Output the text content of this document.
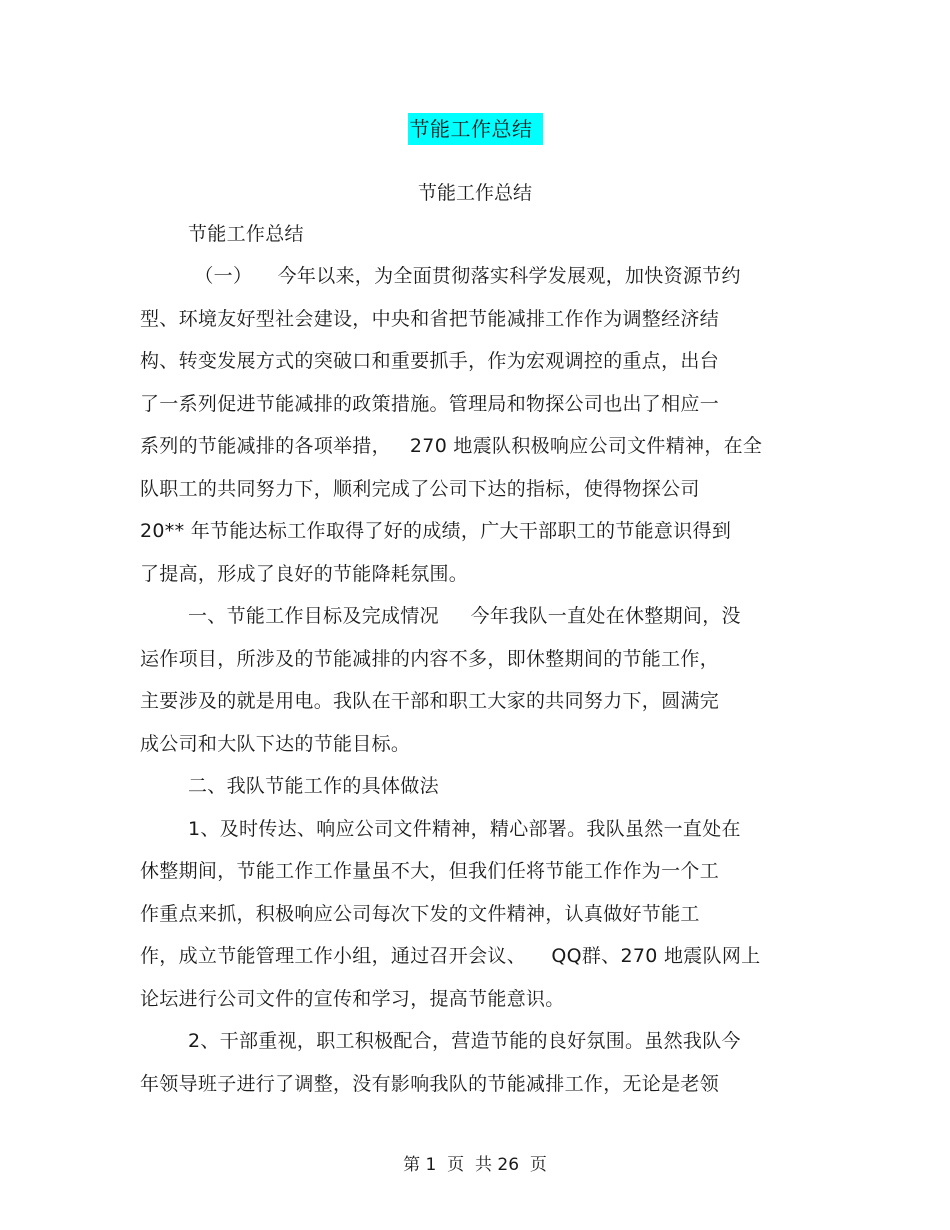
节能工作总结
节能工作总结
节能工作总结
（一）    今年以来，为全面贯彻落实科学发展观，加快资源节约
型、环境友好型社会建设，中央和省把节能减排工作作为调整经济结
构、转变发展方式的突破口和重要抓手，作为宏观调控的重点，出台
了一系列促进节能减排的政策措施。管理局和物探公司也出了相应一
系列的节能减排的各项举措，   270 地震队积极响应公司文件精神，在全
队职工的共同努力下，顺利完成了公司下达的指标，使得物探公司
20** 年节能达标工作取得了好的成绩，广大干部职工的节能意识得到
了提高，形成了良好的节能降耗氛围。
一、节能工作目标及完成情况     今年我队一直处在休整期间，没
运作项目，所涉及的节能减排的内容不多，即休整期间的节能工作，
主要涉及的就是用电。我队在干部和职工大家的共同努力下，圆满完
成公司和大队下达的节能目标。
二、我队节能工作的具体做法
1、及时传达、响应公司文件精神，精心部署。我队虽然一直处在
休整期间，节能工作工作量虽不大，但我们任将节能工作作为一个工
作重点来抓，积极响应公司每次下发的文件精神，认真做好节能工
作，成立节能管理工作小组，通过召开会议、    QQ群、270 地震队网上
论坛进行公司文件的宣传和学习，提高节能意识。
2、干部重视，职工积极配合，营造节能的良好氛围。虽然我队今
年领导班子进行了调整，没有影响我队的节能减排工作，无论是老领
第 1  页  共 26  页
